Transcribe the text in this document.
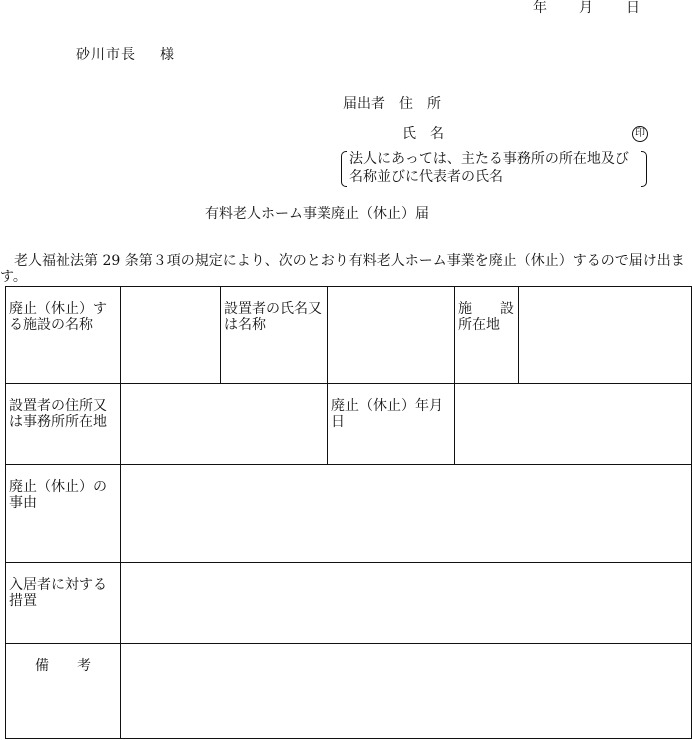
年 月 日
砂川市長 様
届出者　住　所
氏　名	印
法人にあっては、主たる事務所の所在地及び名称並びに代表者の氏名
有料老人ホーム事業廃止（休止）届
老人福祉法第 29 条第３項の規定により、次のとおり有料老人ホーム事業を廃止（休止）するので届け出ます。
廃止（休止）する施設の名称		設置者の氏名又は名称		施　　設所在地	
設置者の住所又は事務所所在地			廃止（休止）年月日		
廃止（休止）の事由					
入居者に対する措置					
備　　考					
